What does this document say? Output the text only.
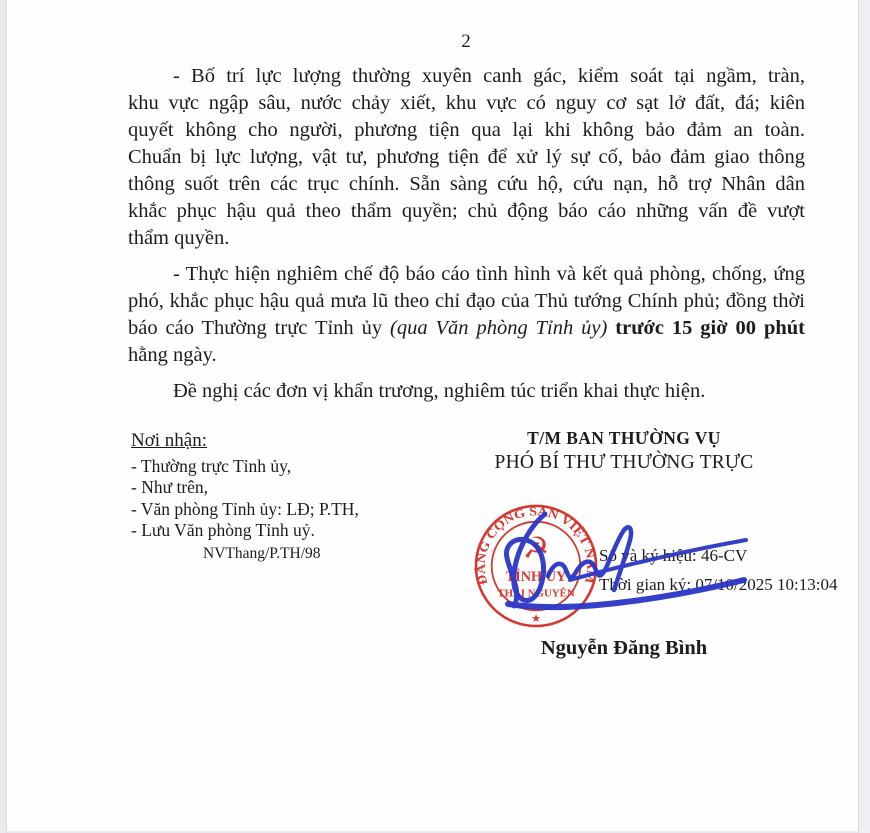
2
- Bố trí lực lượng thường xuyên canh gác, kiểm soát tại ngầm, tràn,
khu vực ngập sâu, nước chảy xiết, khu vực có nguy cơ sạt lở đất, đá; kiên
quyết không cho người, phương tiện qua lại khi không bảo đảm an toàn.
Chuẩn bị lực lượng, vật tư, phương tiện để xử lý sự cố, bảo đảm giao thông
thông suốt trên các trục chính. Sẵn sàng cứu hộ, cứu nạn, hỗ trợ Nhân dân
khắc phục hậu quả theo thẩm quyền; chủ động báo cáo những vấn đề vượt
thẩm quyền.
- Thực hiện nghiêm chế độ báo cáo tình hình và kết quả phòng, chống, ứng
phó, khắc phục hậu quả mưa lũ theo chỉ đạo của Thủ tướng Chính phủ; đồng thời
báo cáo Thường trực Tỉnh ủy (qua Văn phòng Tỉnh ủy) trước 15 giờ 00 phút
hằng ngày.
Đề nghị các đơn vị khẩn trương, nghiêm túc triển khai thực hiện.
Nơi nhận:
- Thường trực Tỉnh ủy,
- Như trên,
- Văn phòng Tỉnh ủy: LĐ; P.TH,
- Lưu Văn phòng Tỉnh uỷ.
NVThang/P.TH/98
T/M BAN THƯỜNG VỤ
PHÓ BÍ THƯ THƯỜNG TRỰC
Số và ký hiệu: 46-CV
Thời gian ký: 07/10/2025 10:13:04
ĐẢNG CỘNG SẢN VIỆT NAM
☭
TỈNH ỦY
THÁI NGUYÊN
★
Nguyễn Đăng Bình
